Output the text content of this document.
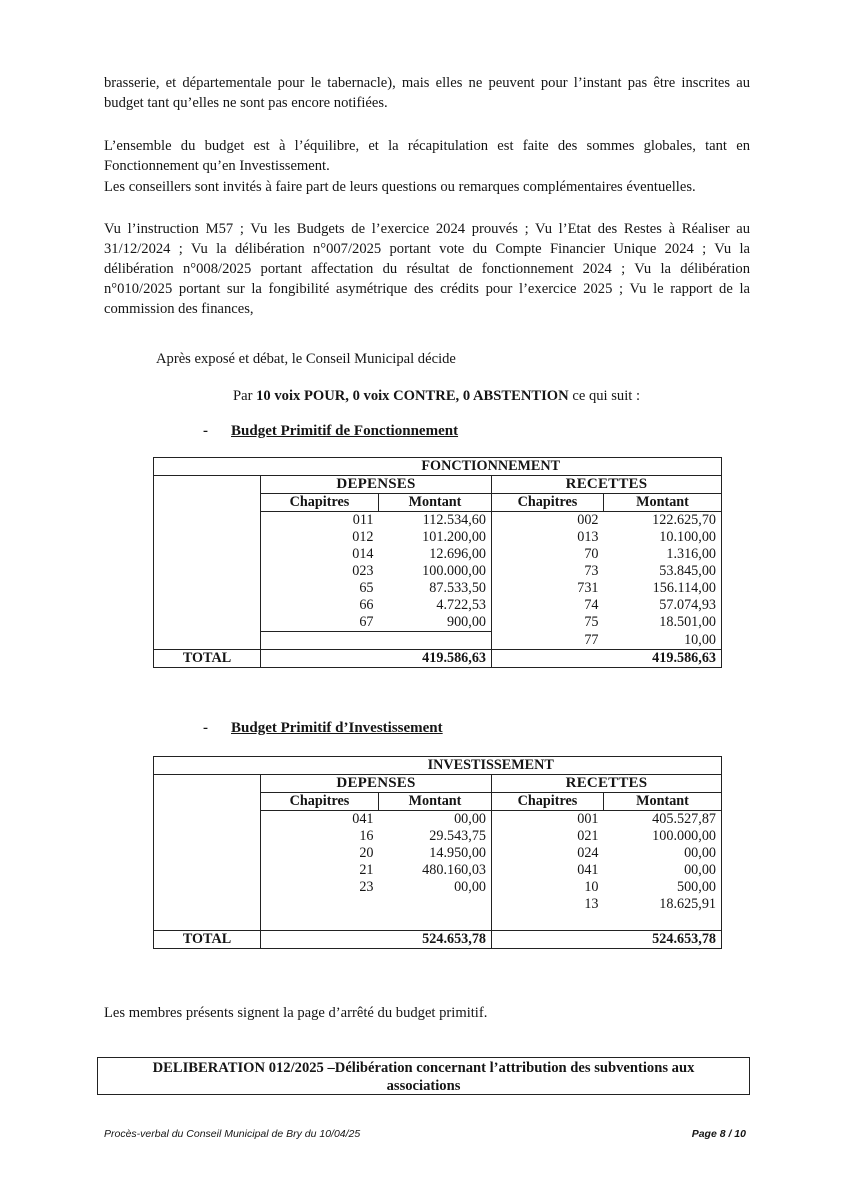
brasserie, et départementale pour le tabernacle), mais elles ne peuvent pour l’instant pas être inscrites au budget tant qu’elles ne sont pas encore notifiées.
L’ensemble du budget est à l’équilibre, et la récapitulation est faite des sommes globales, tant en Fonctionnement qu’en Investissement.
Les conseillers sont invités à faire part de leurs questions ou remarques complémentaires éventuelles.
Vu l’instruction M57 ; Vu les Budgets de l’exercice 2024 prouvés ; Vu l’Etat des Restes à Réaliser au 31/12/2024 ; Vu la délibération n°007/2025 portant vote du Compte Financier Unique 2024 ; Vu la délibération n°008/2025 portant affectation du résultat de fonctionnement 2024 ; Vu la délibération n°010/2025 portant sur la fongibilité asymétrique des crédits pour l’exercice 2025 ; Vu le rapport de la commission des finances,
Après exposé et débat, le Conseil Municipal décide
Par 10 voix POUR, 0 voix CONTRE, 0 ABSTENTION ce qui suit :
- Budget Primitif de Fonctionnement
	FONCTIONNEMENT			
	DEPENSES		RECETTES	
	Chapitres	Montant	Chapitres	Montant
	011	112.534,60	002	122.625,70
	012	101.200,00	013	10.100,00
	014	12.696,00	70	1.316,00
	023	100.000,00	73	53.845,00
	65	87.533,50	731	156.114,00
	66	4.722,53	74	57.074,93
	67	900,00	75	18.501,00
			77	10,00
TOTAL	419.586,63		419.586,63	
- Budget Primitif d’Investissement
	INVESTISSEMENT			
	DEPENSES		RECETTES	
	Chapitres	Montant	Chapitres	Montant
	041	00,00	001	405.527,87
	16	29.543,75	021	100.000,00
	20	14.950,00	024	00,00
	21	480.160,03	041	00,00
	23	00,00	10	500,00
			13	18.625,91

TOTAL	524.653,78		524.653,78	
Les membres présents signent la page d’arrêté du budget primitif.
DELIBERATION 012/2025 –Délibération concernant l’attribution des subventions aux
associations
Procès-verbal du Conseil Municipal de Bry du 10/04/25	Page 8 / 10
